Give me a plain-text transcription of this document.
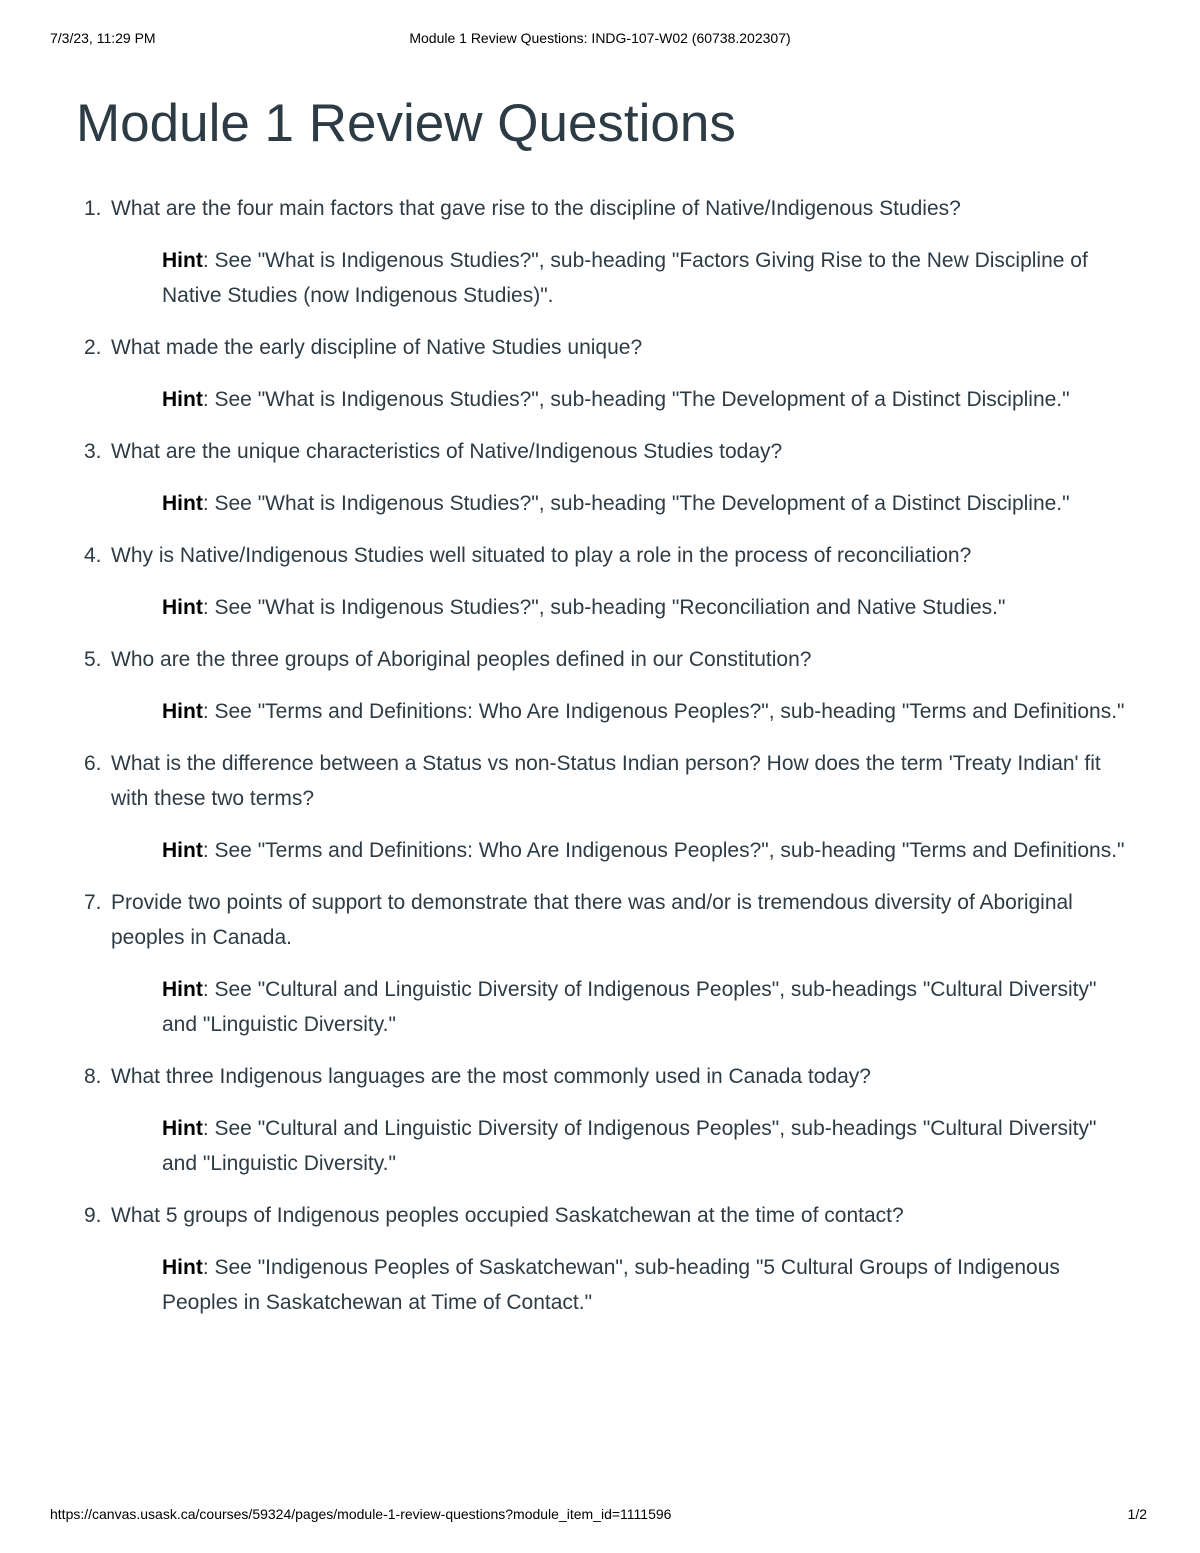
7/3/23, 11:29 PM	Module 1 Review Questions: INDG-107-W02 (60738.202307)
Module 1 Review Questions
1. What are the four main factors that gave rise to the discipline of Native/Indigenous Studies?

Hint: See "What is Indigenous Studies?", sub-heading "Factors Giving Rise to the New Discipline of Native Studies (now Indigenous Studies)".

2. What made the early discipline of Native Studies unique?

Hint: See "What is Indigenous Studies?", sub-heading "The Development of a Distinct Discipline."

3. What are the unique characteristics of Native/Indigenous Studies today?

Hint: See "What is Indigenous Studies?", sub-heading "The Development of a Distinct Discipline."

4. Why is Native/Indigenous Studies well situated to play a role in the process of reconciliation?

Hint: See "What is Indigenous Studies?", sub-heading "Reconciliation and Native Studies."

5. Who are the three groups of Aboriginal peoples defined in our Constitution?

Hint: See "Terms and Definitions: Who Are Indigenous Peoples?", sub-heading "Terms and Definitions."

6. What is the difference between a Status vs non-Status Indian person? How does the term 'Treaty Indian' fit with these two terms?

Hint: See "Terms and Definitions: Who Are Indigenous Peoples?", sub-heading "Terms and Definitions."

7. Provide two points of support to demonstrate that there was and/or is tremendous diversity of Aboriginal peoples in Canada.

Hint: See "Cultural and Linguistic Diversity of Indigenous Peoples", sub-headings "Cultural Diversity" and "Linguistic Diversity."

8. What three Indigenous languages are the most commonly used in Canada today?

Hint: See "Cultural and Linguistic Diversity of Indigenous Peoples", sub-headings "Cultural Diversity" and "Linguistic Diversity."

9. What 5 groups of Indigenous peoples occupied Saskatchewan at the time of contact?

Hint: See "Indigenous Peoples of Saskatchewan", sub-heading "5 Cultural Groups of Indigenous Peoples in Saskatchewan at Time of Contact."

https://canvas.usask.ca/courses/59324/pages/module-1-review-questions?module_item_id=1111596	1/2
